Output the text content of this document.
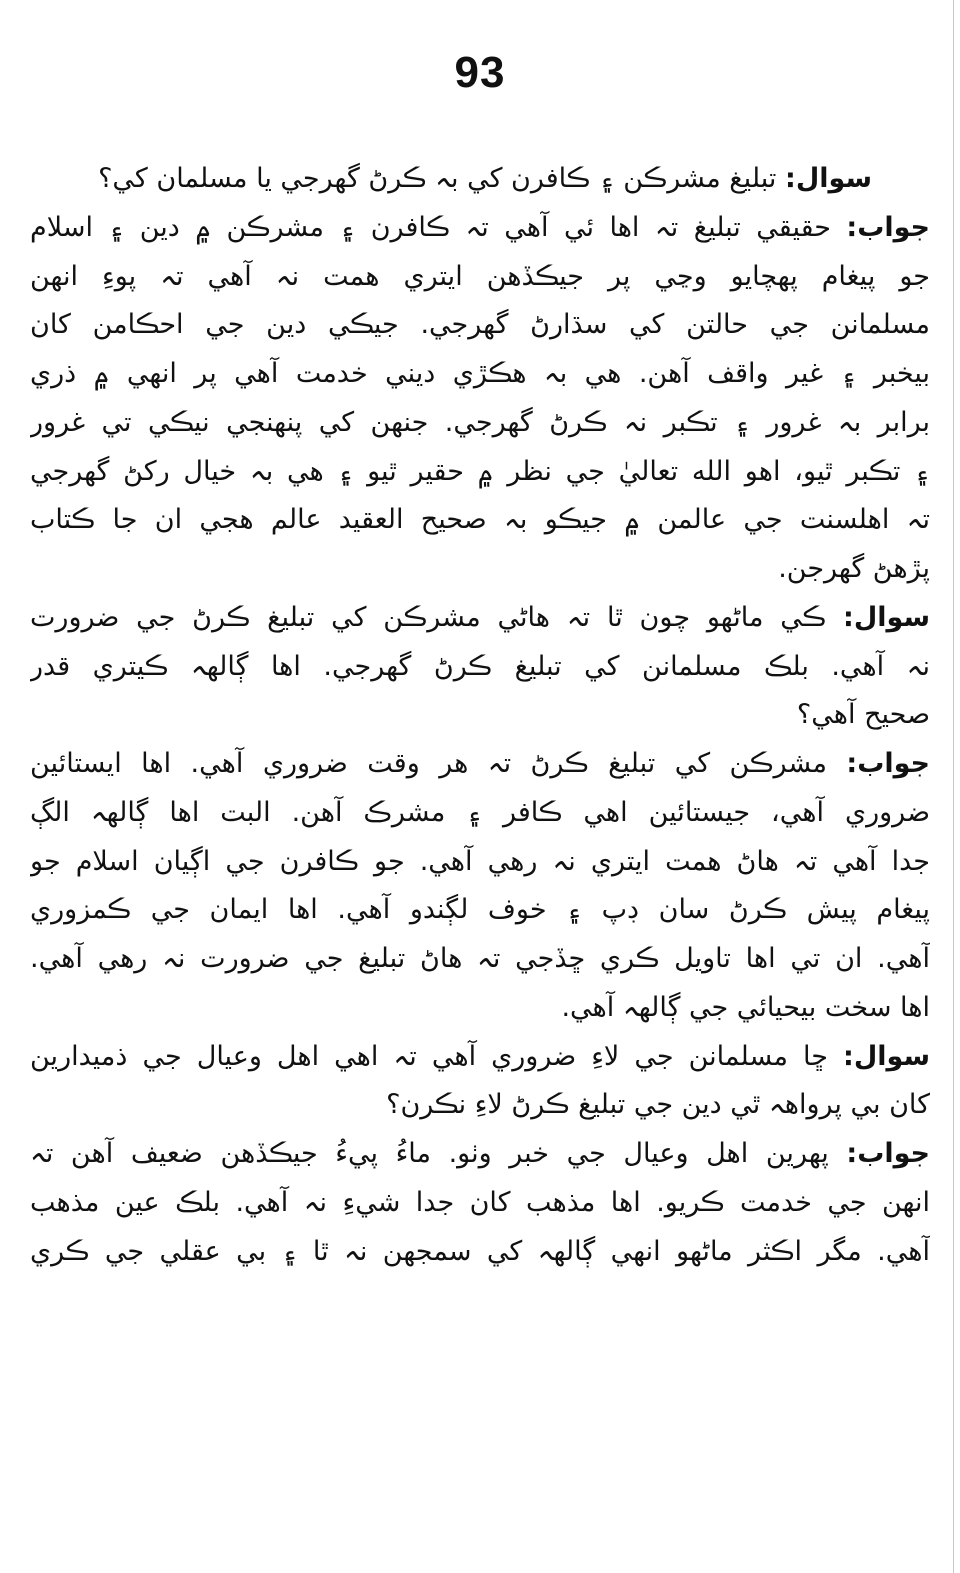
93
سوال: تبليغ مشرڪن ۽ ڪافرن کي بہ ڪرڻ گهرجي يا مسلمان کي؟
جواب: حقيقي تبليغ تہ اها ئي آهي تہ ڪافرن ۽ مشرڪن ۾ دين ۽ اسلام
جو پيغام پهچايو وڃي پر جيڪڏهن ايتري همت نہ آهي تہ پوءِ انهن
مسلمانن جي حالتن کي سڌارڻ گهرجي. جيڪي دين جي احڪامن کان
بيخبر ۽ غير واقف آهن. هي بہ هڪڙي ديني خدمت آهي پر انهي ۾ ذري
برابر بہ غرور ۽ تڪبر نہ ڪرڻ گهرجي. جنهن کي پنهنجي نيڪي تي غرور
۽ تڪبر ٿيو، اهو الله تعاليٰ جي نظر ۾ حقير ٿيو ۽ هي بہ خيال رکڻ گهرجي
تہ اهلسنت جي عالمن ۾ جيڪو بہ صحيح العقيد عالم هجي ان جا ڪتاب
پڙهڻ گهرجن.
سوال: ڪي ماڻهو چون ٿا تہ هاڻي مشرڪن کي تبليغ ڪرڻ جي ضرورت
نہ آهي. بلڪ مسلمانن کي تبليغ ڪرڻ گهرجي. اها ڳالهہ ڪيتري قدر
صحيح آهي؟
جواب: مشرڪن کي تبليغ ڪرڻ تہ هر وقت ضروري آهي. اها ايستائين
ضروري آهي، جيستائين اهي ڪافر ۽ مشرڪ آهن. البت اها ڳالهہ الڳ
جدا آهي تہ هاڻ همت ايتري نہ رهي آهي. جو ڪافرن جي اڳيان اسلام جو
پيغام پيش ڪرڻ سان ڊپ ۽ خوف لڳندو آهي. اها ايمان جي ڪمزوري
آهي. ان تي اها تاويل ڪري ڇڏجي تہ هاڻ تبليغ جي ضرورت نہ رهي آهي.
اها سخت بيحيائي جي ڳالهہ آهي.
سوال: ڇا مسلمانن جي لاءِ ضروري آهي تہ اهي اهل وعيال جي ذميدارين
کان بي پرواهہ ٿي دين جي تبليغ ڪرڻ لاءِ نڪرن؟
جواب: پهرين اهل وعيال جي خبر وٺو. ماءُ پيءُ جيڪڏهن ضعيف آهن تہ
انهن جي خدمت ڪريو. اها مذهب کان جدا شيءِ نہ آهي. بلڪ عين مذهب
آهي. مگر اڪثر ماڻهو انهي ڳالهہ کي سمجهن نہ ٿا ۽ بي عقلي جي ڪري
